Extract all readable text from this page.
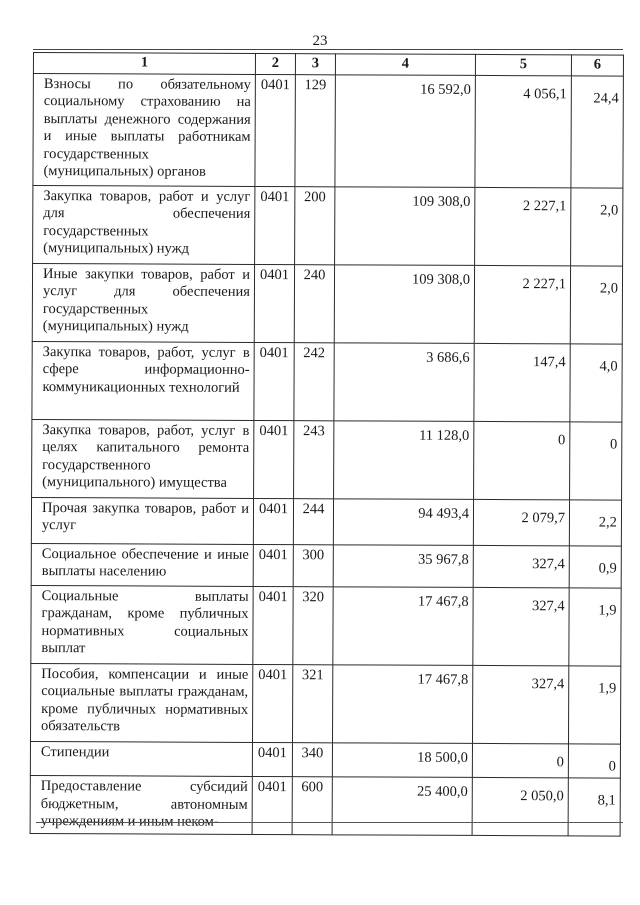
23
1	2	3	4	5	6
Взносы по обязательному социальному страхованию на выплаты денежного содержания и иные выплаты работникам государственных (муниципальных) органов	0401	129	16 592,0	4 056,1	24,4
Закупка товаров, работ и услуг для обеспечения государственных (муниципальных) нужд	0401	200	109 308,0	2 227,1	2,0
Иные закупки товаров, работ и услуг для обеспечения государственных (муниципальных) нужд	0401	240	109 308,0	2 227,1	2,0
Закупка товаров, работ, услуг в сфере информационно-коммуникационных технологий	0401	242	3 686,6	147,4	4,0
Закупка товаров, работ, услуг в целях капитального ремонта государственного (муниципального) имущества	0401	243	11 128,0	0	0
Прочая закупка товаров, работ и услуг	0401	244	94 493,4	2 079,7	2,2
Социальное обеспечение и иные выплаты населению	0401	300	35 967,8	327,4	0,9
Социальные выплаты гражданам, кроме публичных нормативных социальных выплат	0401	320	17 467,8	327,4	1,9
Пособия, компенсации и иные социальные выплаты гражданам, кроме публичных нормативных обязательств	0401	321	17 467,8	327,4	1,9
Стипендии	0401	340	18 500,0	0	0
Предоставление субсидий бюджетным, автономным учреждениям и иным неком-	0401	600	25 400,0	2 050,0	8,1
